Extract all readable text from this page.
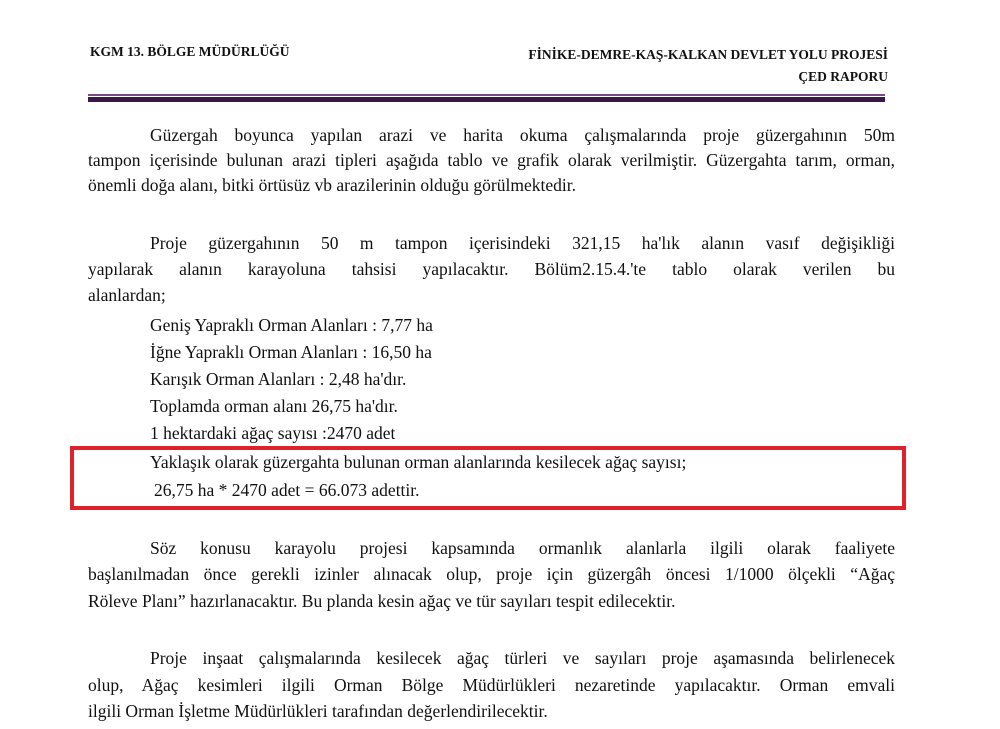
KGM 13. BÖLGE MÜDÜRLÜĞÜ	FİNİKE-DEMRE-KAŞ-KALKAN DEVLET YOLU PROJESİ
ÇED RAPORU
Güzergah boyunca yapılan arazi ve harita okuma çalışmalarında proje güzergahının 50m
tampon içerisinde bulunan arazi tipleri aşağıda tablo ve grafik olarak verilmiştir. Güzergahta tarım, orman,
önemli doğa alanı, bitki örtüsüz vb arazilerinin olduğu görülmektedir.
Proje güzergahının 50 m tampon içerisindeki 321,15 ha'lık alanın vasıf değişikliği
yapılarak alanın karayoluna tahsisi yapılacaktır. Bölüm2.15.4.'te tablo olarak verilen bu
alanlardan;
Geniş Yapraklı Orman Alanları : 7,77 ha
İğne Yapraklı Orman Alanları : 16,50 ha
Karışık Orman Alanları : 2,48 ha'dır.
Toplamda orman alanı 26,75 ha'dır.
1 hektardaki ağaç sayısı :2470 adet
Yaklaşık olarak güzergahta bulunan orman alanlarında kesilecek ağaç sayısı;
26,75 ha * 2470 adet = 66.073 adettir.
Söz konusu karayolu projesi kapsamında ormanlık alanlarla ilgili olarak faaliyete
başlanılmadan önce gerekli izinler alınacak olup, proje için güzergâh öncesi 1/1000 ölçekli “Ağaç
Röleve Planı” hazırlanacaktır. Bu planda kesin ağaç ve tür sayıları tespit edilecektir.
Proje inşaat çalışmalarında kesilecek ağaç türleri ve sayıları proje aşamasında belirlenecek
olup, Ağaç kesimleri ilgili Orman Bölge Müdürlükleri nezaretinde yapılacaktır. Orman emvali
ilgili Orman İşletme Müdürlükleri tarafından değerlendirilecektir.
